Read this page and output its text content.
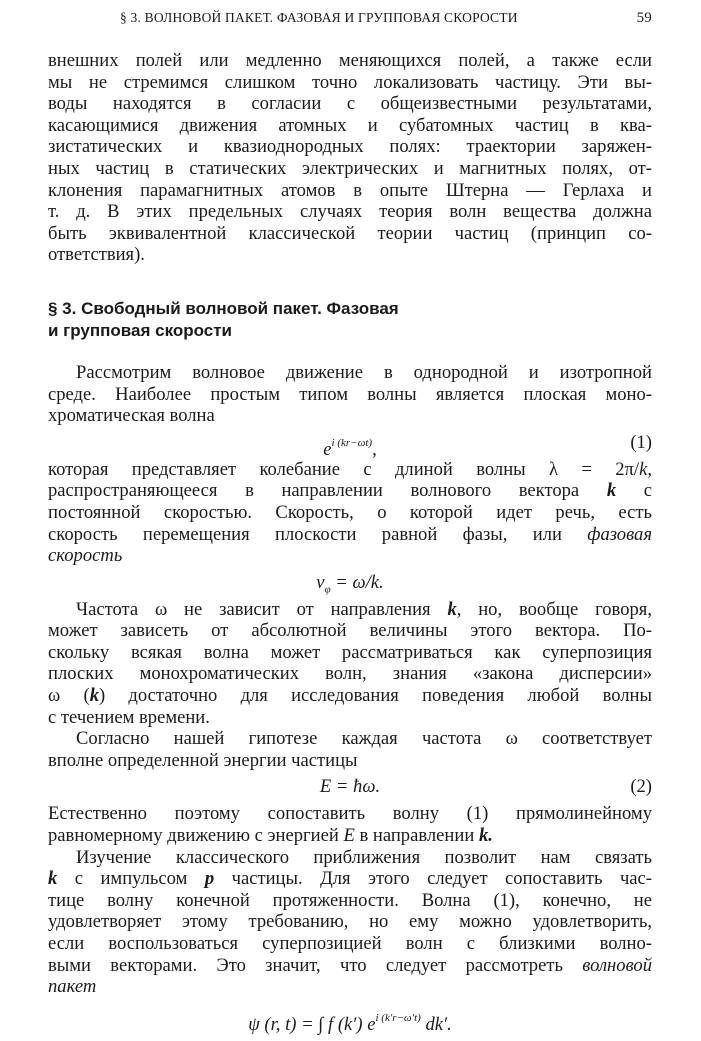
§ 3. ВОЛНОВОЙ ПАКЕТ. ФАЗОВАЯ И ГРУППОВАЯ СКОРОСТИ	59
внешних полей или медленно меняющихся полей, а также если
мы не стремимся слишком точно локализовать частицу. Эти вы-
воды находятся в согласии с общеизвестными результатами,
касающимися движения атомных и субатомных частиц в ква-
зистатических и квазиоднородных полях: траектории заряжен-
ных частиц в статических электрических и магнитных полях, от-
клонения парамагнитных атомов в опыте Штерна — Герлаха и
т. д. В этих предельных случаях теория волн вещества должна
быть эквивалентной классической теории частиц (принцип со-
ответствия).
§ 3. Свободный волновой пакет. Фазовая
и групповая скорости
Рассмотрим волновое движение в однородной и изотропной
среде. Наиболее простым типом волны является плоская моно-
хроматическая волна
$e^{i (kr-\omega t)}$,	(1)
которая представляет колебание с длиной волны λ = 2π/k,
распространяющееся в направлении волнового вектора k с
постоянной скоростью. Скорость, о которой идет речь, есть
скорость перемещения плоскости равной фазы, или фазовая
скорость
$v_\varphi = \omega/k$.
Частота ω не зависит от направления k, но, вообще говоря,
может зависеть от абсолютной величины этого вектора. По-
скольку всякая волна может рассматриваться как суперпозиция
плоских монохроматических волн, знания «закона дисперсии»
ω (k) достаточно для исследования поведения любой волны
с течением времени.
Согласно нашей гипотезе каждая частота ω соответствует
вполне определенной энергии частицы
E = ħω.	(2)
Естественно поэтому сопоставить волну (1) прямолинейному
равномерному движению с энергией E в направлении k.
Изучение классического приближения позволит нам связать
k с импульсом p частицы. Для этого следует сопоставить час-
тице волну конечной протяженности. Волна (1), конечно, не
удовлетворяет этому требованию, но ему можно удовлетворить,
если воспользоваться суперпозицией волн с близкими волно-
выми векторами. Это значит, что следует рассмотреть волновой
пакет
ψ (r, t) = ∫ f (k′) $e^{i (k'r-\omega't)}$ dk′.
